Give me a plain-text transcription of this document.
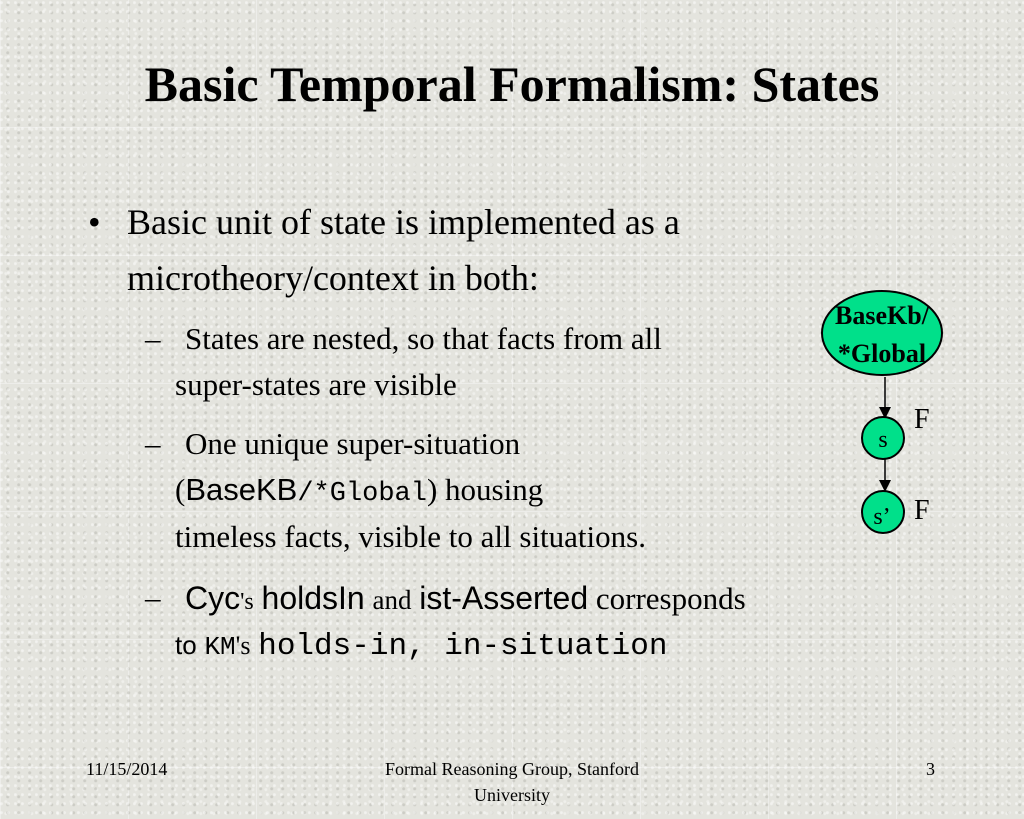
Basic Temporal Formalism: States
• Basic unit of state is implemented as a
microtheory/context in both:
– States are nested, so that facts from all
super-states are visible
– One unique super-situation
(BaseKB/*Global) housing
timeless facts, visible to all situations.
– Cyc's holdsIn and ist-Asserted corresponds
to KM's holds-in, in-situation
BaseKb/
*Global
s
F
s’ F
11/15/2014	Formal Reasoning Group, Stanford
University
3
